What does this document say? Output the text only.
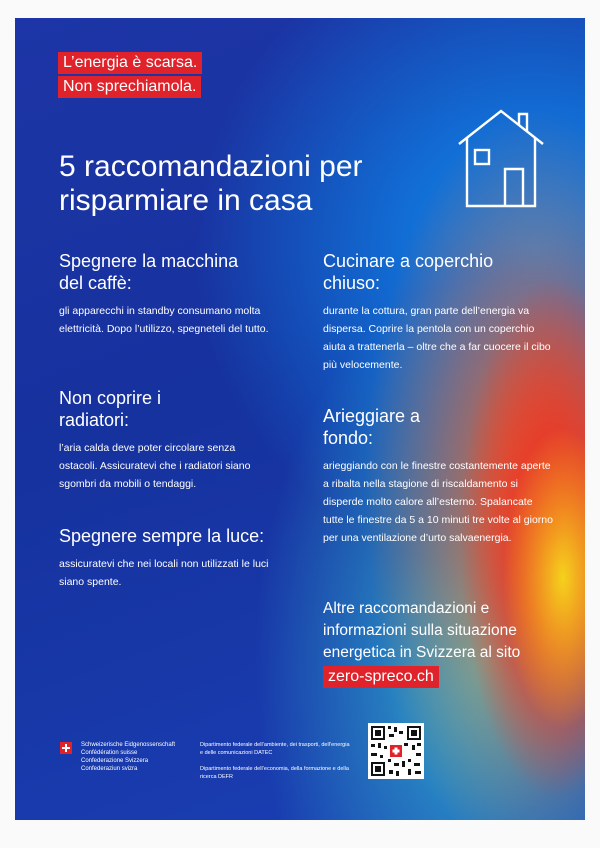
L’energia è scarsa.
Non sprechiamola.
5 raccomandazioni per risparmiare in casa
Spegnere la macchina del caffè:

gli apparecchi in standby consumano molta elettricità. Dopo l’utilizzo, spegneteli del tutto.

Non coprire i radiatori:

l’aria calda deve poter circolare senza ostacoli. Assicuratevi che i radiatori siano sgombri da mobili o tendaggi.

Spegnere sempre la luce:

assicuratevi che nei locali non utilizzati le luci siano spente.

Cucinare a coperchio chiuso:

durante la cottura, gran parte dell’energia va dispersa. Coprire la pentola con un coperchio aiuta a trattenerla – oltre che a far cuocere il cibo più velocemente.

Arieggiare a fondo:

arieggiando con le finestre costantemente aperte a ribalta nella stagione di riscaldamento si disperde molto calore all’esterno. Spalancate tutte le finestre da 5 a 10 minuti tre volte al giorno per una ventilazione d’urto salvaenergia.

Altre raccomandazioni e informazioni sulla situazione energetica in Svizzera al sito
zero-spreco.ch
Schweizerische Eidgenossenschaft
Confédération suisse
Confederazione Svizzera
Confederaziun svizra
Dipartimento federale dell’ambiente, dei trasporti, dell’energia e delle comunicazioni DATEC
Dipartimento federale dell’economia, della formazione e della ricerca DEFR
